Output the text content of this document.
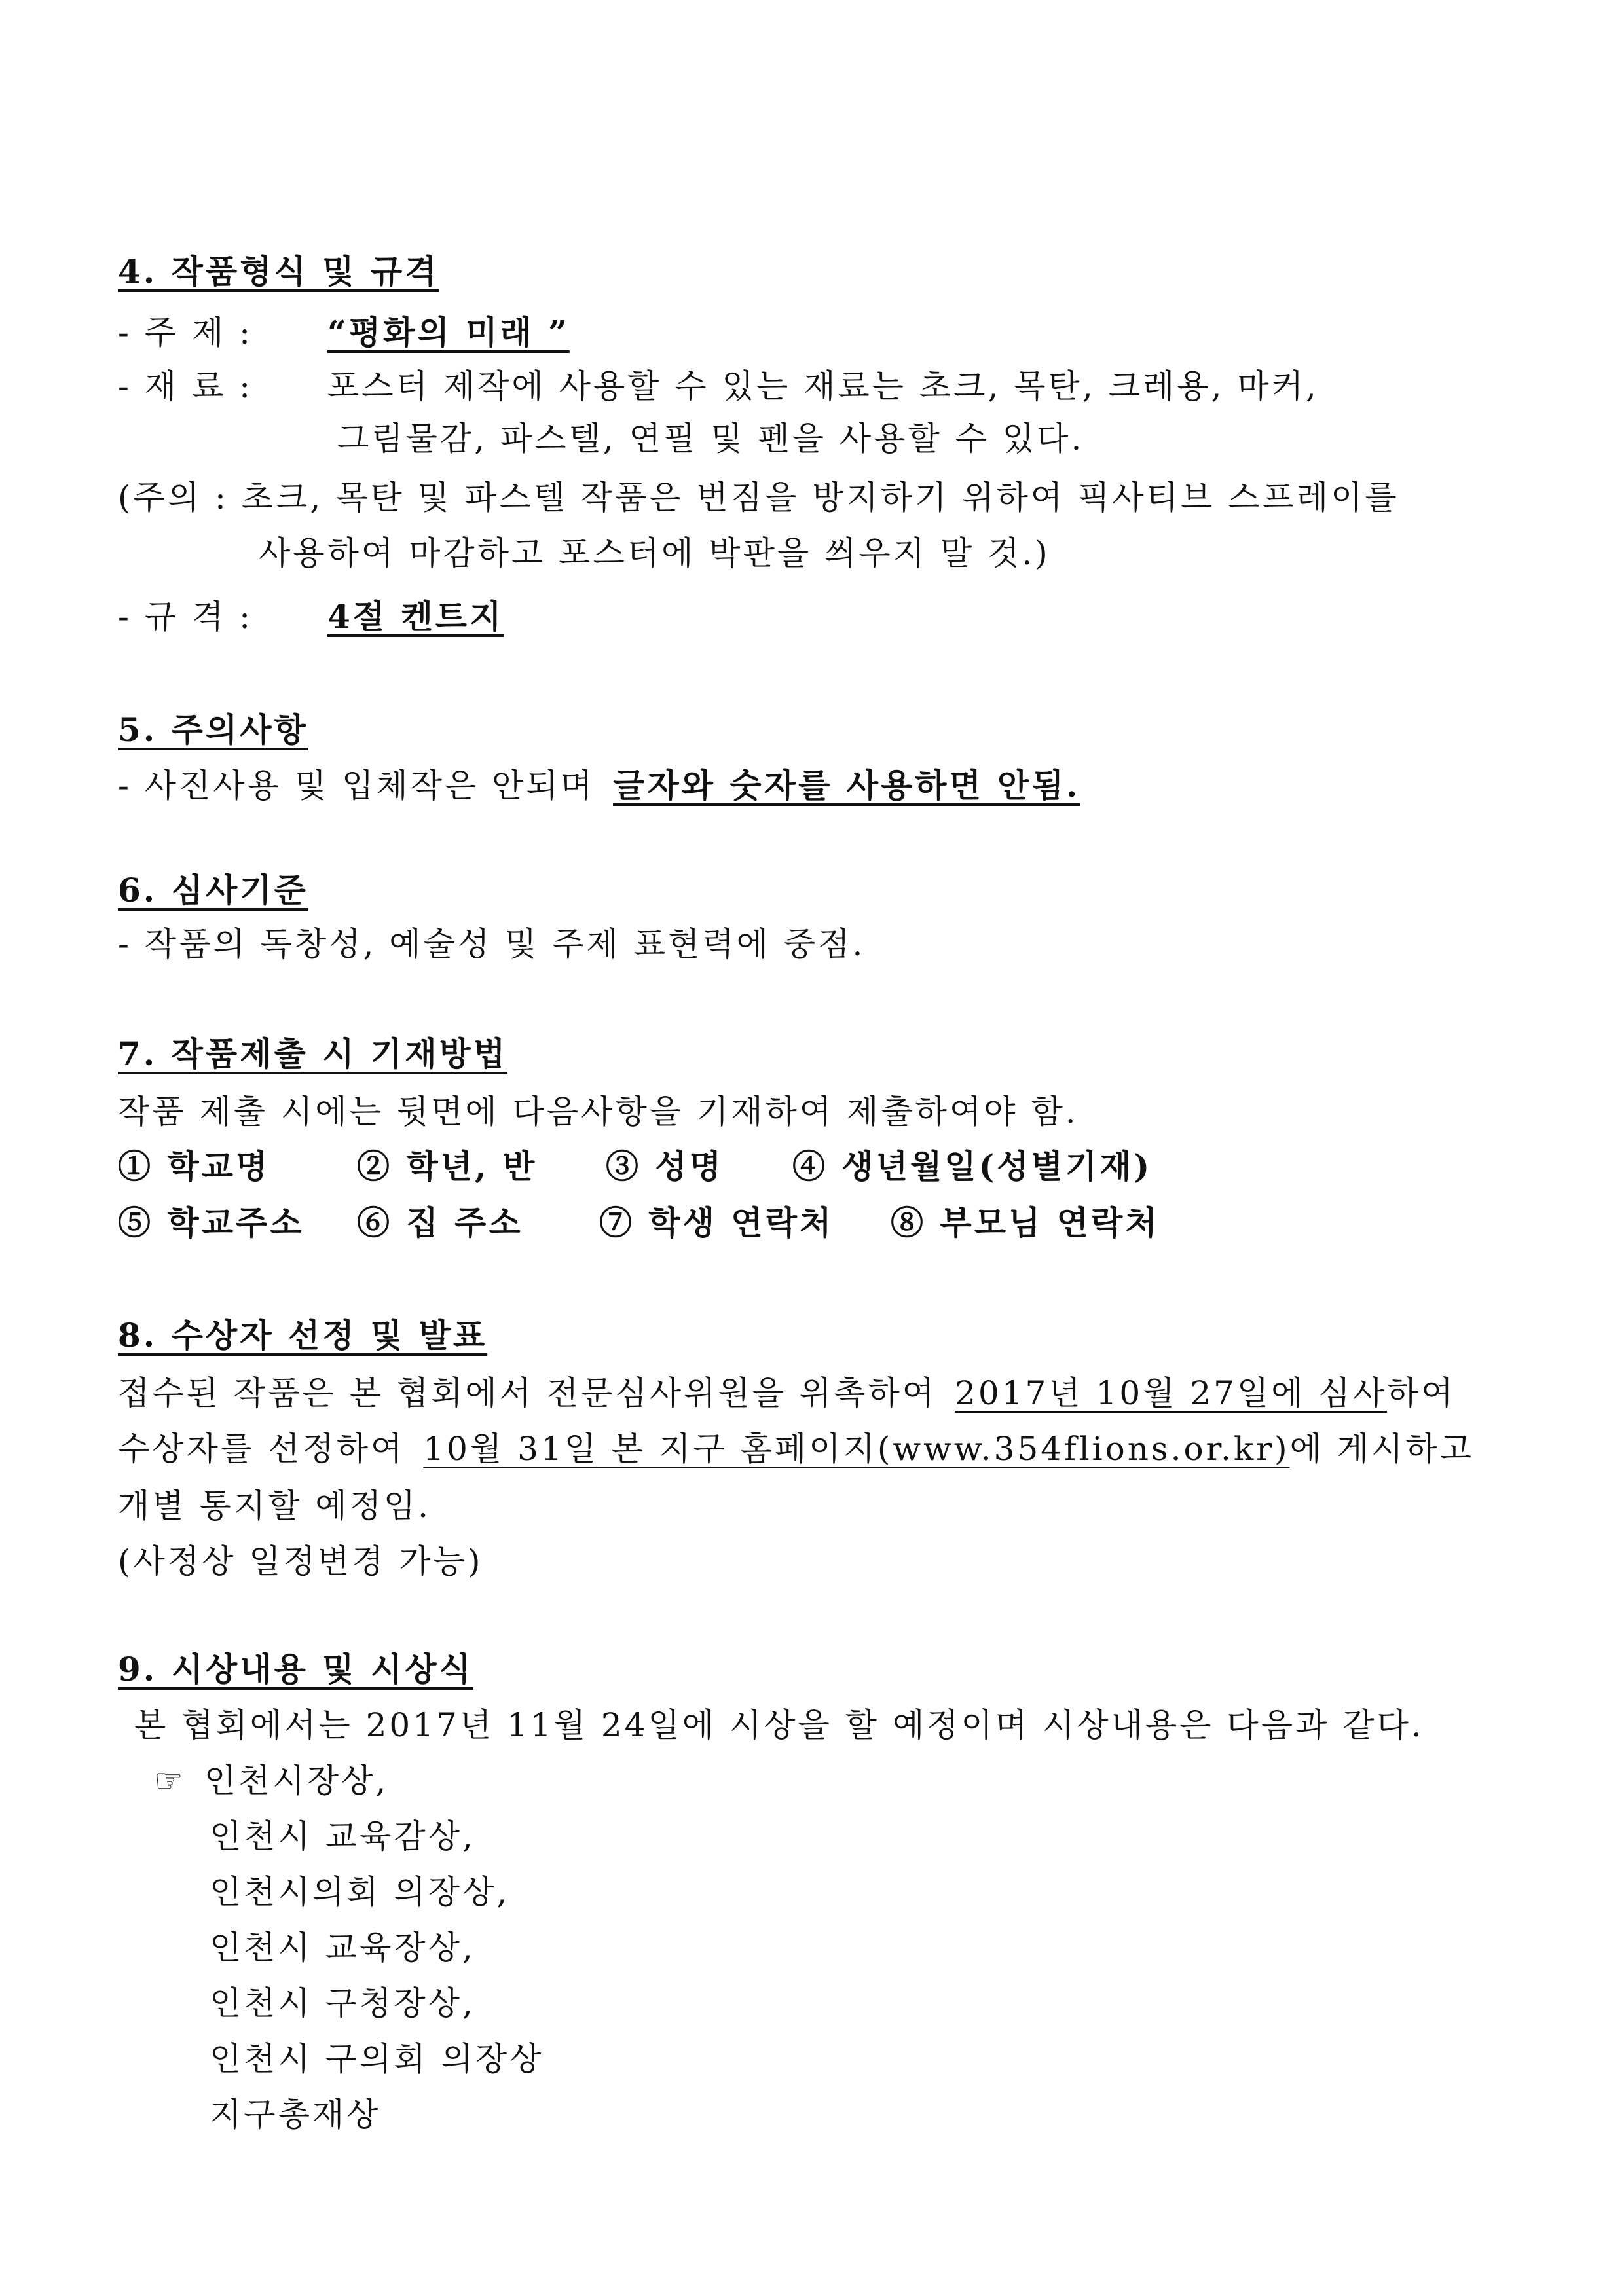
4. 작품형식 및 규격
- 주 제 : “평화의 미래 ”
- 재 료 : 포스터 제작에 사용할 수 있는 재료는 초크, 목탄, 크레용, 마커,
그림물감, 파스텔, 연필 및 펜을 사용할 수 있다.
(주의 : 초크, 목탄 및 파스텔 작품은 번짐을 방지하기 위하여 픽사티브 스프레이를
사용하여 마감하고 포스터에 박판을 씌우지 말 것.)
- 규 격 : 4절 켄트지
5. 주의사항
- 사진사용 및 입체작은 안되며 글자와 숫자를 사용하면 안됨.
6. 심사기준
- 작품의 독창성, 예술성 및 주제 표현력에 중점.
7. 작품제출 시 기재방법
작품 제출 시에는 뒷면에 다음사항을 기재하여 제출하여야 함.
① 학교명	② 학년, 반 ③ 성명 ④ 생년월일(성별기재)
⑤ 학교주소 ⑥ 집 주소 ⑦ 학생 연락처 ⑧ 부모님 연락처
8. 수상자 선정 및 발표
접수된 작품은 본 협회에서 전문심사위원을 위촉하여 2017년 10월 27일에 심사하여
수상자를 선정하여 10월 31일 본 지구 홈페이지(www.354flions.or.kr)에 게시하고
개별 통지할 예정임.
(사정상 일정변경 가능)
9. 시상내용 및 시상식
본 협회에서는 2017년 11월 24일에 시상을 할 예정이며 시상내용은 다음과 같다.
☞ 인천시장상,
인천시 교육감상,
인천시의회 의장상,
인천시 교육장상,
인천시 구청장상,
인천시 구의회 의장상
지구총재상
